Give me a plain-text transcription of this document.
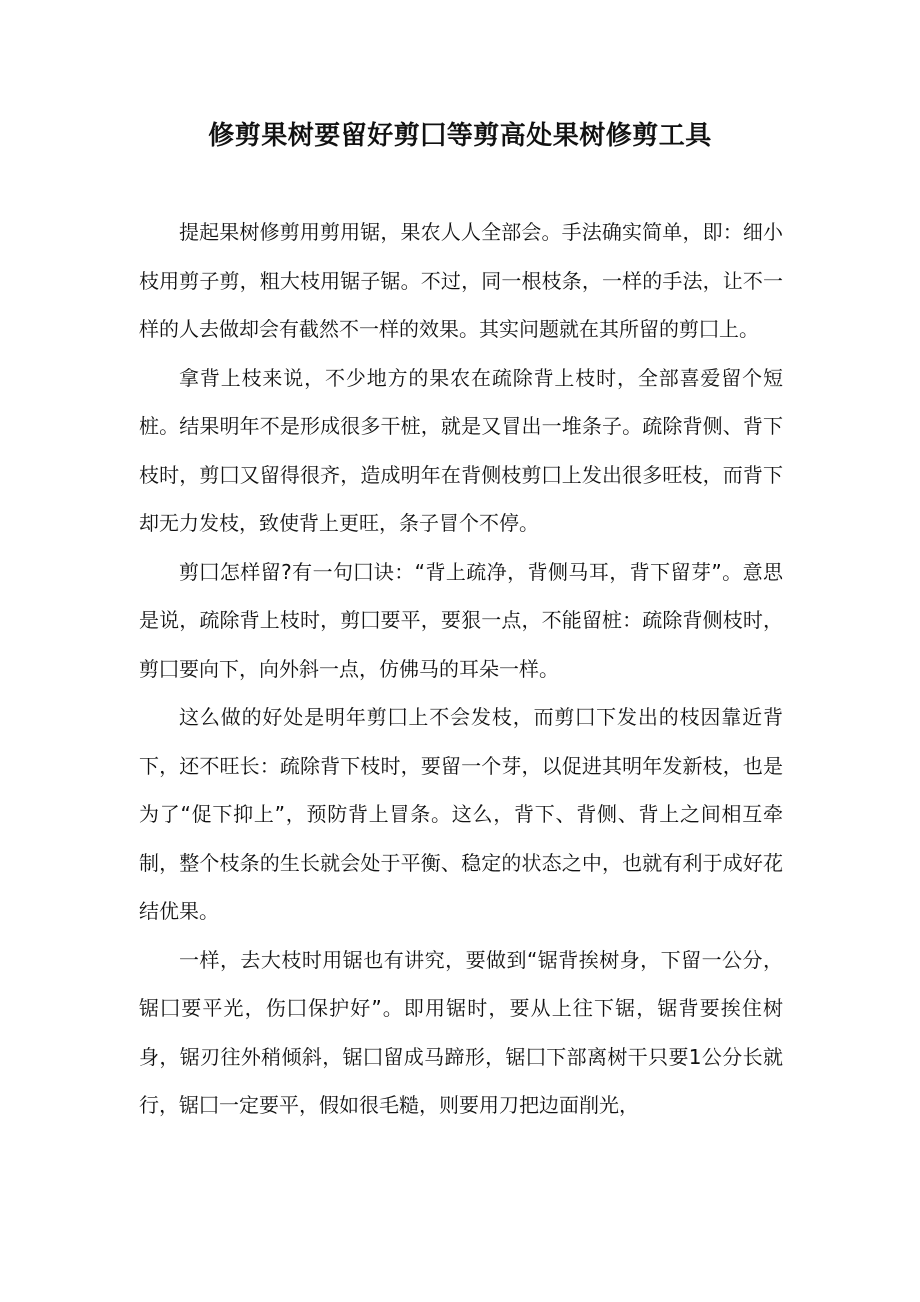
修剪果树要留好剪囗等剪高处果树修剪工具

提起果树修剪用剪用锯，果农人人全部会。手法确实简单，即：细小枝用剪子剪，粗大枝用锯子锯。不过，同一根枝条，一样的手法，让不一样的人去做却会有截然不一样的效果。其实问题就在其所留的剪囗上。

拿背上枝来说，不少地方的果农在疏除背上枝时，全部喜爱留个短桩。结果明年不是形成很多干桩，就是又冒出一堆条子。疏除背侧、背下枝时，剪囗又留得很齐，造成明年在背侧枝剪囗上发出很多旺枝，而背下却无力发枝，致使背上更旺，条子冒个不停。

剪囗怎样留?有一句囗诀：“背上疏净，背侧马耳，背下留芽”。意思是说，疏除背上枝时，剪囗要平，要狠一点，不能留桩：疏除背侧枝时，剪囗要向下，向外斜一点，仿佛马的耳朵一样。

这么做的好处是明年剪囗上不会发枝，而剪囗下发出的枝因靠近背下，还不旺长：疏除背下枝时，要留一个芽，以促进其明年发新枝，也是为了“促下抑上”，预防背上冒条。这么，背下、背侧、背上之间相互牵制，整个枝条的生长就会处于平衡、稳定的状态之中，也就有利于成好花结优果。

一样，去大枝时用锯也有讲究，要做到“锯背挨树身，下留一公分，锯囗要平光，伤囗保护好”。即用锯时，要从上往下锯，锯背要挨住树身，锯刃往外稍倾斜，锯囗留成马蹄形，锯囗下部离树干只要1公分长就行，锯囗一定要平，假如很毛糙，则要用刀把边面削光，
